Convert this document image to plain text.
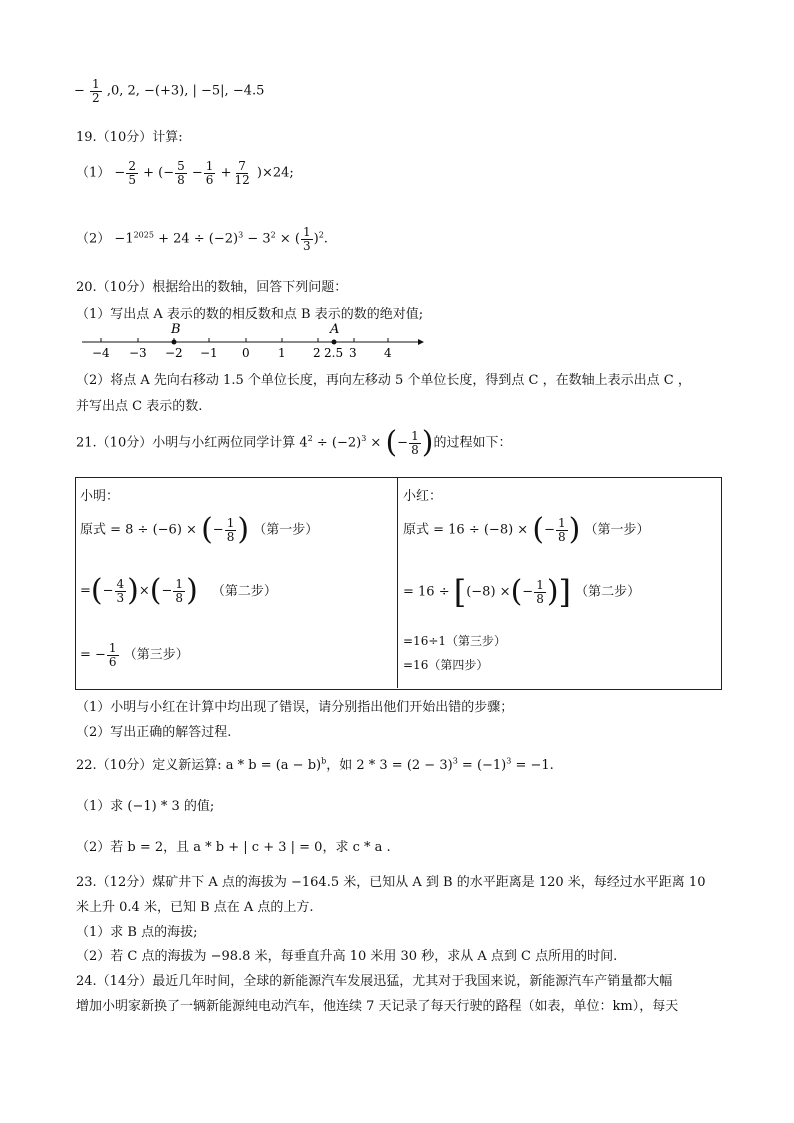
− $\frac{1}{2} ,0$, 2, −(+3), | −5|, −4.5
19.（10分）计算:
$(1) - \frac{2}{5}$ + (− $\frac{5}{8} - \frac{1}{6} + \frac{7}{12} )\times 24$;
$(2) -1^{2025} + 24 \div (-2)^3 - 3^2$ × ( $\frac{1}{3} )^2$.
20.（10分）根据给出的数轴，回答下列问题：
（1）写出点 A 表示的数的相反数和点 B 表示的数的绝对值;
B	A
−4 −3 −2 −1 0 1 2 2.5 3 4
（2）将点 A 先向右移动 1.5 个单位长度，再向左移动 5 个单位长度，得到点 C ，在数轴上表示出点 C ，
并写出点 C 表示的数.
21.（10分）小明与小红两位同学计算 $4^2 \div (-2)^3$ × (− $\frac{1}{8}$ )的过程如下：
小明：
原式 = 8 ÷ (−6) × (− $\frac{1}{8}$ ) （第一步）
=(− $\frac{4}{3}$ )×(− $\frac{1}{8}$ ) （第二步）
= − $\frac{1}{6}$ （第三步）
小红：
原式 = 16 ÷ (−8) × (− $\frac{1}{8}$ ) （第一步）
= 16 ÷ [(−8) ×(− $\frac{1}{8}$ )] （第二步）
=16÷1（第三步）
=16（第四步）
（1）小明与小红在计算中均出现了错误，请分别指出他们开始出错的步骤；
（2）写出正确的解答过程.
22.（10分）定义新运算: $a * b = (a - b)^b$，如 $2 * 3 = (2 - 3)^3 = (-1)^3 = -1$.
（1）求 (−1) * 3 的值;
（2）若 b = 2，且 a * b + | c + 3 | = 0，求 c * a .
23.（12分）煤矿井下 A 点的海拔为 −164.5 米，已知从 A 到 B 的水平距离是 120 米，每经过水平距离 10
米上升 0.4 米，已知 B 点在 A 点的上方.
（1）求 B 点的海拔;
（2）若 C 点的海拔为 −98.8 米，每垂直升高 10 米用 30 秒，求从 A 点到 C 点所用的时间.
24.（14分）最近几年时间，全球的新能源汽车发展迅猛，尤其对于我国来说，新能源汽车产销量都大幅
增加小明家新换了一辆新能源纯电动汽车，他连续 7 天记录了每天行驶的路程（如表，单位：km），每天
